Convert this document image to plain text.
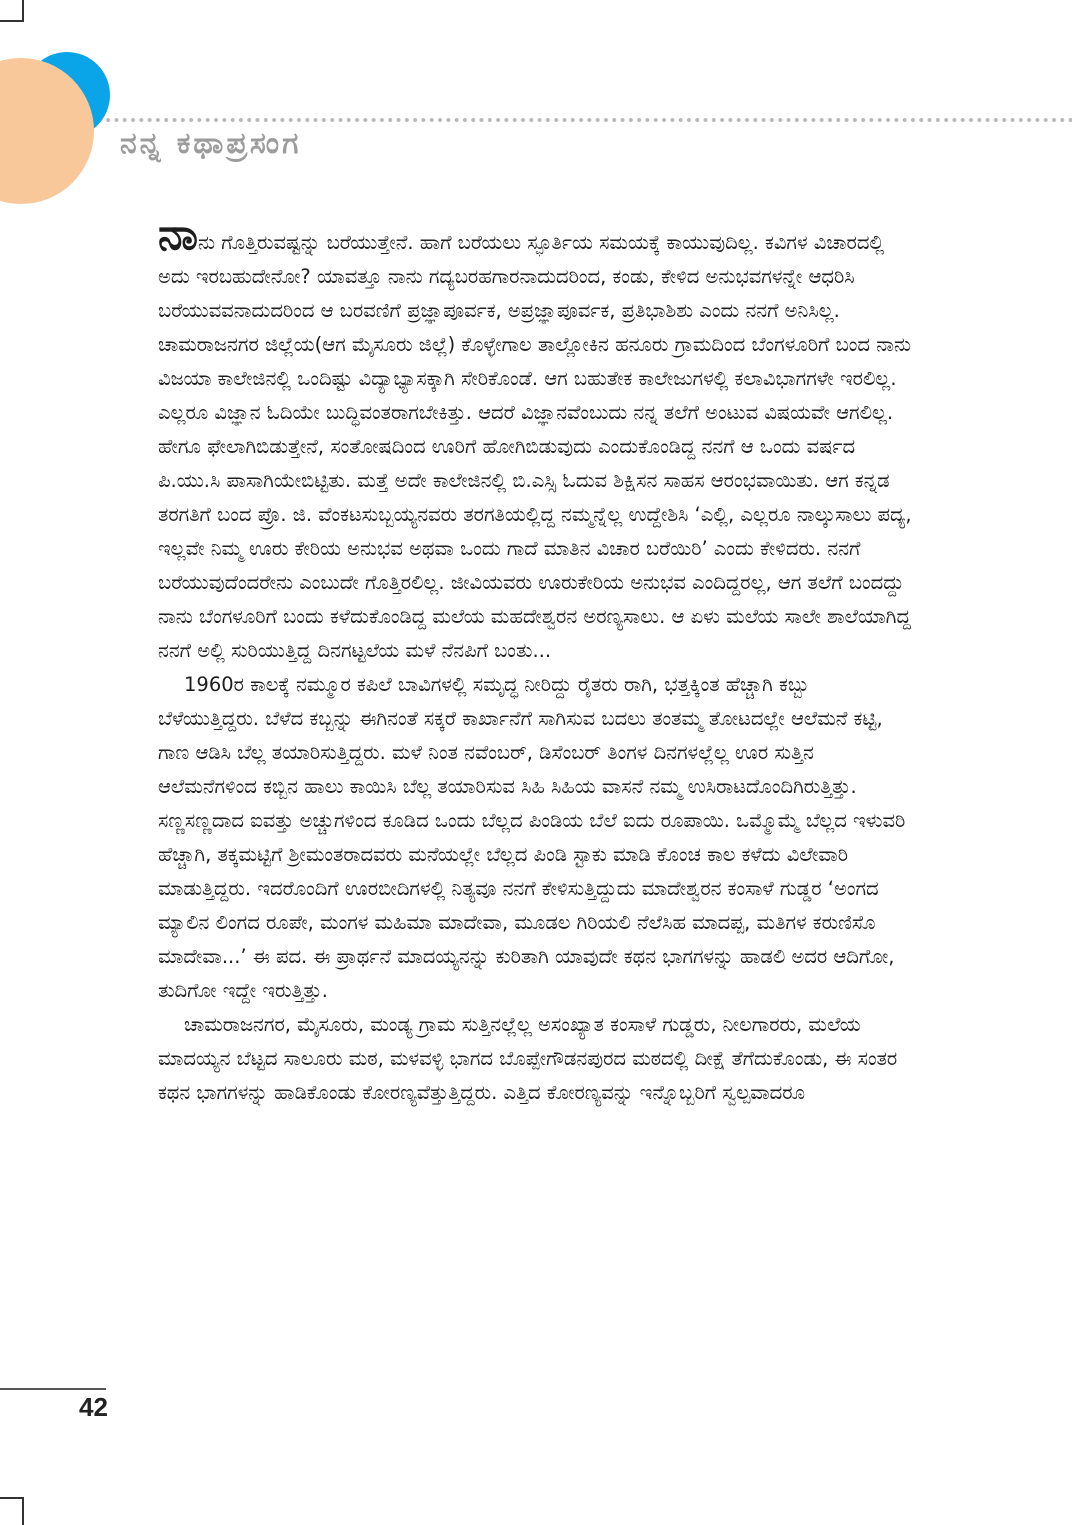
ನನ್ನ ಕಥಾಪ್ರಸಂಗ

ನಾನು ಗೊತ್ತಿರುವಷ್ಟನ್ನು ಬರೆಯುತ್ತೇನೆ. ಹಾಗೆ ಬರೆಯಲು ಸ್ಫೂರ್ತಿಯ ಸಮಯಕ್ಕೆ ಕಾಯುವುದಿಲ್ಲ. ಕವಿಗಳ ವಿಚಾರದಲ್ಲಿ ಅದು ಇರಬಹುದೇನೋ? ಯಾವತ್ತೂ ನಾನು ಗದ್ಯಬರಹಗಾರನಾದುದರಿಂದ, ಕಂಡು, ಕೇಳಿದ ಅನುಭವಗಳನ್ನೇ ಆಧರಿಸಿ ಬರೆಯುವವನಾದುದರಿಂದ ಆ ಬರವಣಿಗೆ ಪ್ರಜ್ಞಾಪೂರ್ವಕ, ಅಪ್ರಜ್ಞಾಪೂರ್ವಕ, ಪ್ರತಿಭಾಶಿಶು ಎಂದು ನನಗೆ ಅನಿಸಿಲ್ಲ. ಚಾಮರಾಜನಗರ ಜಿಲ್ಲೆಯ(ಆಗ ಮೈಸೂರು ಜಿಲ್ಲೆ) ಕೊಳ್ಳೇಗಾಲ ತಾಲ್ಲೋಕಿನ ಹನೂರು ಗ್ರಾಮದಿಂದ ಬೆಂಗಳೂರಿಗೆ ಬಂದ ನಾನು ವಿಜಯಾ ಕಾಲೇಜಿನಲ್ಲಿ ಒಂದಿಷ್ಟು ವಿದ್ಯಾಭ್ಯಾಸಕ್ಕಾಗಿ ಸೇರಿಕೊಂಡೆ. ಆಗ ಬಹುತೇಕ ಕಾಲೇಜುಗಳಲ್ಲಿ ಕಲಾವಿಭಾಗಗಳೇ ಇರಲಿಲ್ಲ. ಎಲ್ಲರೂ ವಿಜ್ಞಾನ ಓದಿಯೇ ಬುದ್ಧಿವಂತರಾಗಬೇಕಿತ್ತು. ಆದರೆ ವಿಜ್ಞಾನವೆಂಬುದು ನನ್ನ ತಲೆಗೆ ಅಂಟುವ ವಿಷಯವೇ ಆಗಲಿಲ್ಲ. ಹೇಗೂ ಫೇಲಾಗಿಬಿಡುತ್ತೇನೆ, ಸಂತೋಷದಿಂದ ಊರಿಗೆ ಹೋಗಿಬಿಡುವುದು ಎಂದುಕೊಂಡಿದ್ದ ನನಗೆ ಆ ಒಂದು ವರ್ಷದ ಪಿ.ಯು.ಸಿ ಪಾಸಾಗಿಯೇಬಿಟ್ಟಿತು. ಮತ್ತೆ ಅದೇ ಕಾಲೇಜಿನಲ್ಲಿ ಬಿ.ಎಸ್ಸಿ ಓದುವ ಶಿಕ್ಷಿಸನ ಸಾಹಸ ಆರಂಭವಾಯಿತು. ಆಗ ಕನ್ನಡ ತರಗತಿಗೆ ಬಂದ ಪ್ರೊ. ಜಿ. ವೆಂಕಟಸುಬ್ಬಯ್ಯನವರು ತರಗತಿಯಲ್ಲಿದ್ದ ನಮ್ಮನ್ನೆಲ್ಲ ಉದ್ದೇಶಿಸಿ ‘ಎಲ್ಲಿ, ಎಲ್ಲರೂ ನಾಲ್ಕುಸಾಲು ಪದ್ಯ, ಇಲ್ಲವೇ ನಿಮ್ಮ ಊರು ಕೇರಿಯ ಅನುಭವ ಅಥವಾ ಒಂದು ಗಾದೆ ಮಾತಿನ ವಿಚಾರ ಬರೆಯಿರಿ’ ಎಂದು ಕೇಳಿದರು. ನನಗೆ ಬರೆಯುವುದೆಂದರೇನು ಎಂಬುದೇ ಗೊತ್ತಿರಲಿಲ್ಲ. ಜೀವಿಯವರು ಊರುಕೇರಿಯ ಅನುಭವ ಎಂದಿದ್ದರಲ್ಲ, ಆಗ ತಲೆಗೆ ಬಂದದ್ದು ನಾನು ಬೆಂಗಳೂರಿಗೆ ಬಂದು ಕಳೆದುಕೊಂಡಿದ್ದ ಮಲೆಯ ಮಹದೇಶ್ವರನ ಅರಣ್ಯಸಾಲು. ಆ ಏಳು ಮಲೆಯ ಸಾಲೇ ಶಾಲೆಯಾಗಿದ್ದ ನನಗೆ ಅಲ್ಲಿ ಸುರಿಯುತ್ತಿದ್ದ ದಿನಗಟ್ಟಲೆಯ ಮಳೆ ನೆನಪಿಗೆ ಬಂತು...

1960ರ ಕಾಲಕ್ಕೆ ನಮ್ಮೂರ ಕಪಿಲೆ ಬಾವಿಗಳಲ್ಲಿ ಸಮೃದ್ಧ ನೀರಿದ್ದು ರೈತರು ರಾಗಿ, ಭತ್ತಕ್ಕಿಂತ ಹೆಚ್ಚಾಗಿ ಕಬ್ಬು ಬೆಳೆಯುತ್ತಿದ್ದರು. ಬೆಳೆದ ಕಬ್ಬನ್ನು ಈಗಿನಂತೆ ಸಕ್ಕರೆ ಕಾರ್ಖಾನೆಗೆ ಸಾಗಿಸುವ ಬದಲು ತಂತಮ್ಮ ತೋಟದಲ್ಲೇ ಆಲೆಮನೆ ಕಟ್ಟಿ, ಗಾಣ ಆಡಿಸಿ ಬೆಲ್ಲ ತಯಾರಿಸುತ್ತಿದ್ದರು. ಮಳೆ ನಿಂತ ನವೆಂಬರ್, ಡಿಸೆಂಬರ್ ತಿಂಗಳ ದಿನಗಳಲ್ಲೆಲ್ಲ ಊರ ಸುತ್ತಿನ ಆಲೆಮನೆಗಳಿಂದ ಕಬ್ಬಿನ ಹಾಲು ಕಾಯಿಸಿ ಬೆಲ್ಲ ತಯಾರಿಸುವ ಸಿಹಿ ಸಿಹಿಯ ವಾಸನೆ ನಮ್ಮ ಉಸಿರಾಟದೊಂದಿಗಿರುತ್ತಿತ್ತು. ಸಣ್ಣಸಣ್ಣದಾದ ಐವತ್ತು ಅಚ್ಚುಗಳಿಂದ ಕೂಡಿದ ಒಂದು ಬೆಲ್ಲದ ಪಿಂಡಿಯ ಬೆಲೆ ಐದು ರೂಪಾಯಿ. ಒಮ್ಮೊಮ್ಮೆ ಬೆಲ್ಲದ ಇಳುವರಿ ಹೆಚ್ಚಾಗಿ, ತಕ್ಕಮಟ್ಟಿಗೆ ಶ್ರೀಮಂತರಾದವರು ಮನೆಯಲ್ಲೇ ಬೆಲ್ಲದ ಪಿಂಡಿ ಸ್ಟಾಕು ಮಾಡಿ ಕೊಂಚ ಕಾಲ ಕಳೆದು ವಿಲೇವಾರಿ ಮಾಡುತ್ತಿದ್ದರು. ಇದರೊಂದಿಗೆ ಊರಬೀದಿಗಳಲ್ಲಿ ನಿತ್ಯವೂ ನನಗೆ ಕೇಳಿಸುತ್ತಿದ್ದುದು ಮಾದೇಶ್ವರನ ಕಂಸಾಳೆ ಗುಡ್ಡರ ‘ಅಂಗದ ಮ್ಯಾಲಿನ ಲಿಂಗದ ರೂಪೇ, ಮಂಗಳ ಮಹಿಮಾ ಮಾದೇವಾ, ಮೂಡಲ ಗಿರಿಯಲಿ ನೆಲೆಸಿಹ ಮಾದಪ್ಪ, ಮತಿಗಳ ಕರುಣಿಸೊ ಮಾದೇವಾ...’ ಈ ಪದ. ಈ ಪ್ರಾರ್ಥನೆ ಮಾದಯ್ಯನನ್ನು ಕುರಿತಾಗಿ ಯಾವುದೇ ಕಥನ ಭಾಗಗಳನ್ನು ಹಾಡಲಿ ಅದರ ಆದಿಗೋ, ತುದಿಗೋ ಇದ್ದೇ ಇರುತ್ತಿತ್ತು.

ಚಾಮರಾಜನಗರ, ಮೈಸೂರು, ಮಂಡ್ಯ ಗ್ರಾಮ ಸುತ್ತಿನಲ್ಲೆಲ್ಲ ಅಸಂಖ್ಯಾತ ಕಂಸಾಳೆ ಗುಡ್ಡರು, ನೀಲಗಾರರು, ಮಲೆಯ ಮಾದಯ್ಯನ ಬೆಟ್ಟದ ಸಾಲೂರು ಮಠ, ಮಳವಳ್ಳಿ ಭಾಗದ ಬೊಪ್ಪೇಗೌಡನಪುರದ ಮಠದಲ್ಲಿ ದೀಕ್ಷೆ ತೆಗೆದುಕೊಂಡು, ಈ ಸಂತರ ಕಥನ ಭಾಗಗಳನ್ನು ಹಾಡಿಕೊಂಡು ಕೋರಣ್ಯವೆತ್ತುತ್ತಿದ್ದರು. ಎತ್ತಿದ ಕೋರಣ್ಯವನ್ನು ಇನ್ನೊಬ್ಬರಿಗೆ ಸ್ವಲ್ಪವಾದರೂ

42
